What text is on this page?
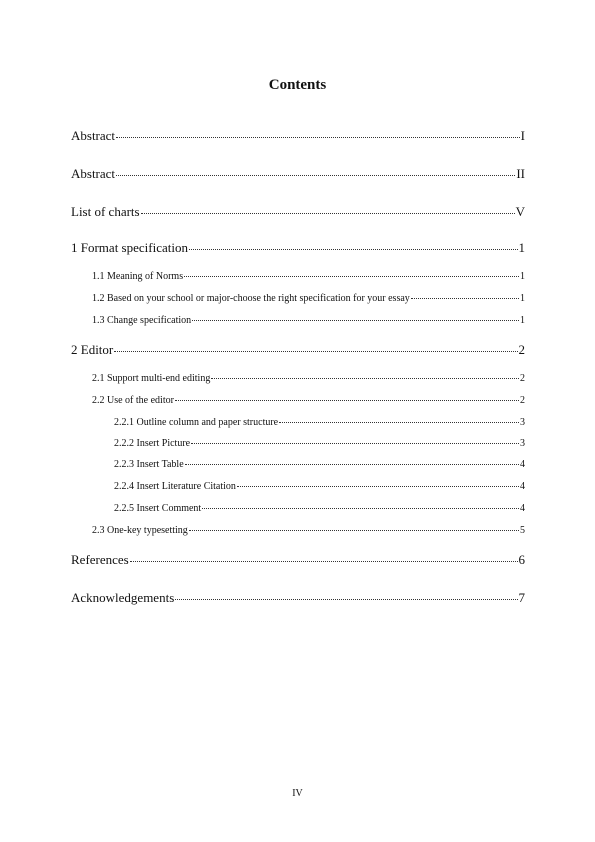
Contents
Abstract	I
Abstract	II
List of charts	V
1 Format specification	1
1.1 Meaning of Norms	1
1.2 Based on your school or major-choose the right specification for your essay	1
1.3 Change specification	1
2 Editor	2
2.1 Support multi-end editing	2
2.2 Use of the editor	2
2.2.1 Outline column and paper structure	3
2.2.2 Insert Picture	3
2.2.3 Insert Table	4
2.2.4 Insert Literature Citation	4
2.2.5 Insert Comment	4
2.3 One-key typesetting	5
References	6
Acknowledgements	7
IV
